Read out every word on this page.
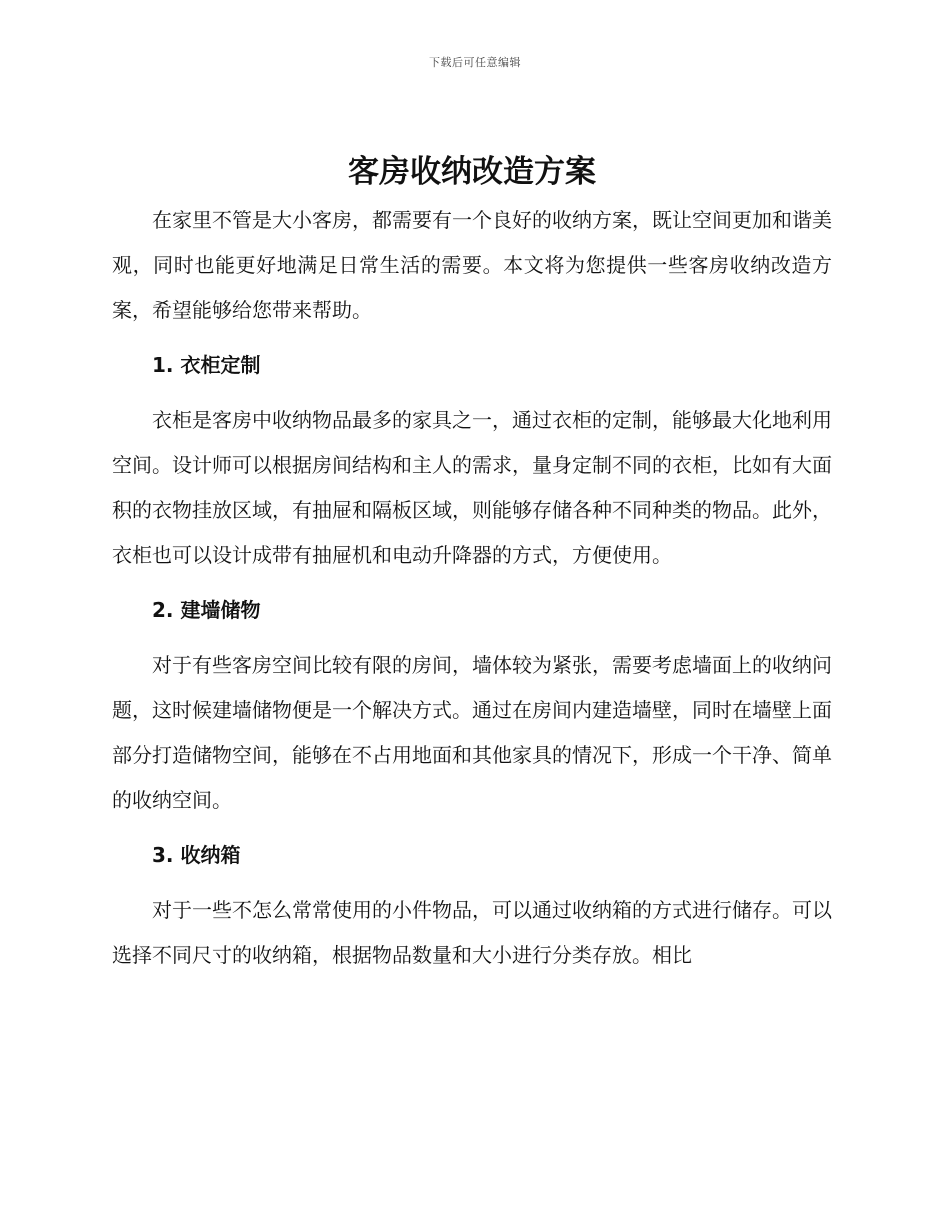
下载后可任意编辑
客房收纳改造方案

在家里不管是大小客房，都需要有一个良好的收纳方案，既让空间更加和谐美观，同时也能更好地满足日常生活的需要。本文将为您提供一些客房收纳改造方案，希望能够给您带来帮助。

1. 衣柜定制

衣柜是客房中收纳物品最多的家具之一，通过衣柜的定制，能够最大化地利用空间。设计师可以根据房间结构和主人的需求，量身定制不同的衣柜，比如有大面积的衣物挂放区域，有抽屉和隔板区域，则能够存储各种不同种类的物品。此外，衣柜也可以设计成带有抽屉机和电动升降器的方式，方便使用。

2. 建墙储物

对于有些客房空间比较有限的房间，墙体较为紧张，需要考虑墙面上的收纳问题，这时候建墙储物便是一个解决方式。通过在房间内建造墙壁，同时在墙壁上面部分打造储物空间，能够在不占用地面和其他家具的情况下，形成一个干净、简单的收纳空间。

3. 收纳箱

对于一些不怎么常常使用的小件物品，可以通过收纳箱的方式进行储存。可以选择不同尺寸的收纳箱，根据物品数量和大小进行分类存放。相比
